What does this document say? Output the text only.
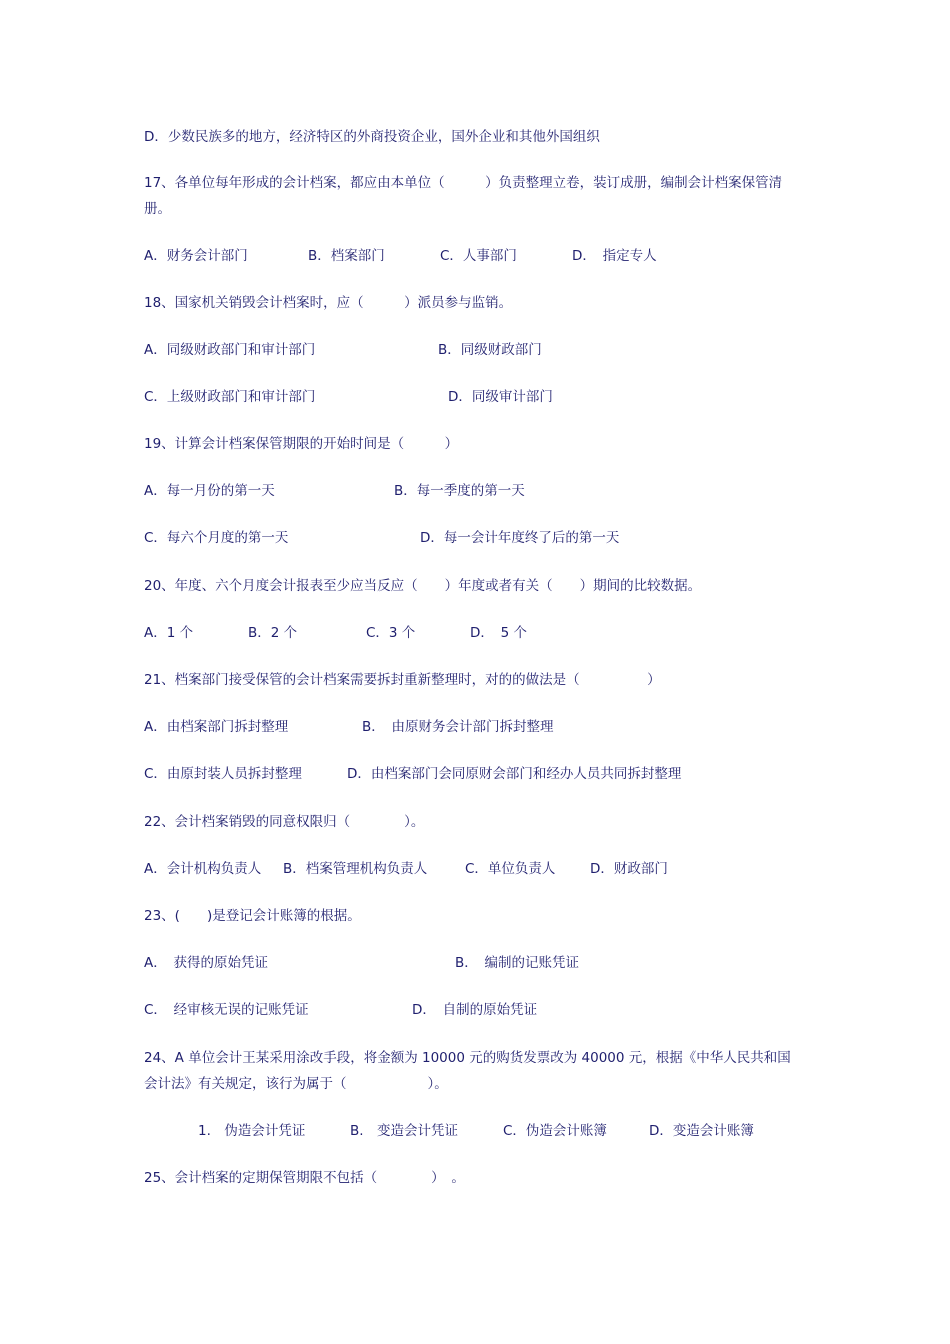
D．少数民族多的地方，经济特区的外商投资企业，国外企业和其他外国组织
17、各单位每年形成的会计档案，都应由本单位（　　　）负责整理立卷，装订成册，编制会计档案保管清册。
A．财务会计部门	B．档案部门	C．人事部门	D．　指定专人
18、国家机关销毁会计档案时，应（　　　）派员参与监销。
A．同级财政部门和审计部门	B．同级财政部门
C．上级财政部门和审计部门	D．同级审计部门
19、计算会计档案保管期限的开始时间是（　　　）
A．每一月份的第一天	B．每一季度的第一天
C．每六个月度的第一天	D．每一会计年度终了后的第一天
20、年度、六个月度会计报表至少应当反应（　　）年度或者有关（　　）期间的比较数据。
A．1 个	B．2 个	C．3 个	D．　5 个
21、档案部门接受保管的会计档案需要拆封重新整理时，对的的做法是（　　　　　）
A．由档案部门拆封整理	B．　由原财务会计部门拆封整理
C．由原封装人员拆封整理	D．由档案部门会同原财会部门和经办人员共同拆封整理
22、会计档案销毁的同意权限归（　　　　）。
A．会计机构负责人 B．档案管理机构负责人	C．单位负责人	D．财政部门
23、(　　)是登记会计账簿的根据。
A．　获得的原始凭证	B．　编制的记账凭证
C．　经审核无误的记账凭证	D．　自制的原始凭证
24、A 单位会计王某采用涂改手段，将金额为 10000 元的购货发票改为 40000 元，根据《中华人民共和国会计法》有关规定，该行为属于（　　　　　　）。
1.　伪造会计凭证	B.　变造会计凭证	C．伪造会计账簿	D．变造会计账簿
25、会计档案的定期保管期限不包括（　　　　）　。
